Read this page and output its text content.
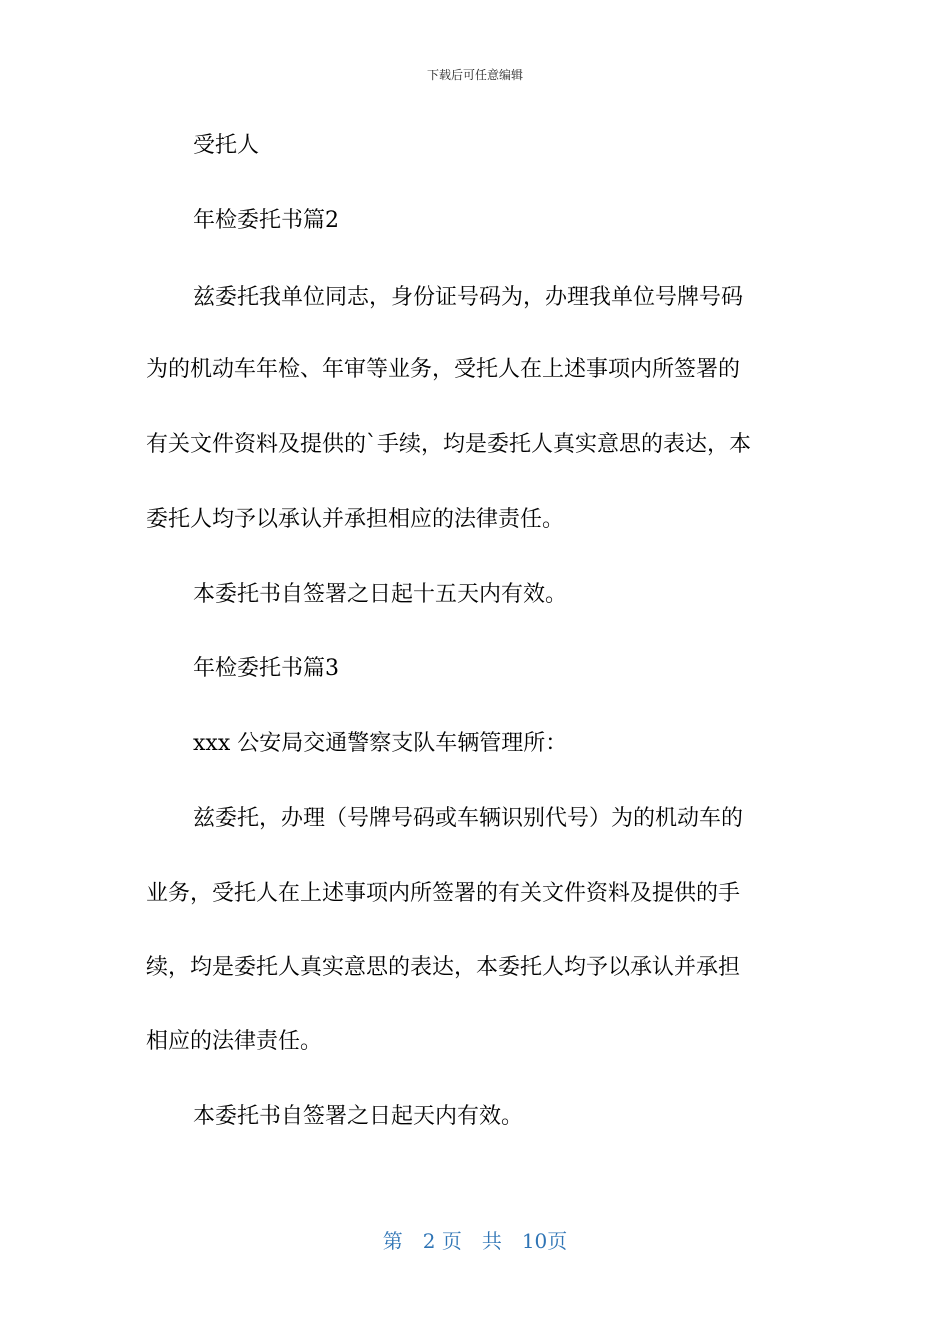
下载后可任意编辑
受托人
年检委托书篇2
兹委托我单位同志，身份证号码为，办理我单位号牌号码
为的机动车年检、年审等业务，受托人在上述事项内所签署的
有关文件资料及提供的`手续，均是委托人真实意思的表达，本
委托人均予以承认并承担相应的法律责任。
本委托书自签署之日起十五天内有效。
年检委托书篇3
xxx 公安局交通警察支队车辆管理所：
兹委托，办理（号牌号码或车辆识别代号）为的机动车的
业务，受托人在上述事项内所签署的有关文件资料及提供的手
续，均是委托人真实意思的表达，本委托人均予以承认并承担
相应的法律责任。
本委托书自签署之日起天内有效。
第　2 页　共　10页
